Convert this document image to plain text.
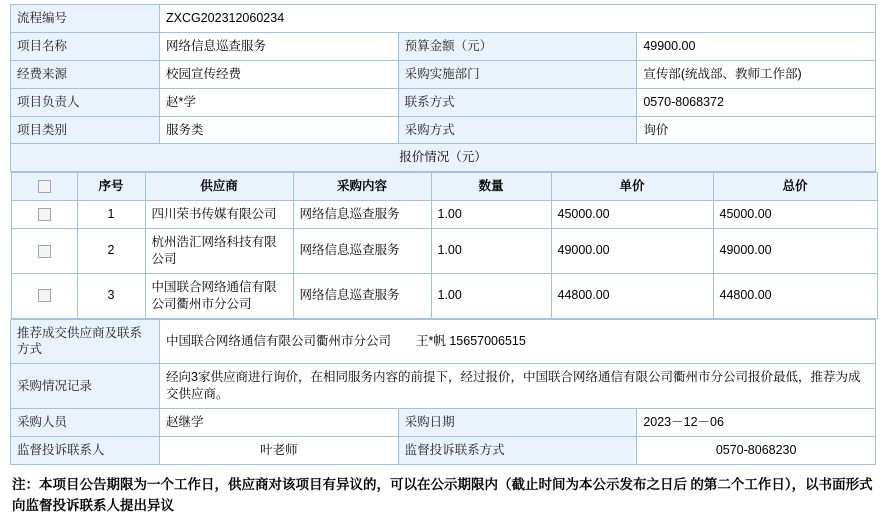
流程编号	ZXCG202312060234
项目名称	网络信息巡查服务	预算金额（元）	49900.00
经费来源	校园宣传经费	采购实施部门	宣传部(统战部、教师工作部)
项目负责人	赵*学	联系方式	0570-8068372
项目类别	服务类	采购方式	询价
报价情况（元）

	序号	供应商	采购内容	数量	单价	总价
	1	四川荣书传媒有限公司	网络信息巡查服务	1.00	45000.00	45000.00
	2	杭州浩汇网络科技有限公司	网络信息巡查服务	1.00	49000.00	49000.00
	3	中国联合网络通信有限公司衢州市分公司	网络信息巡查服务	1.00	44800.00	44800.00

推荐成交供应商及联系方式	中国联合网络通信有限公司衢州市分公司　　王*帆 15657006515
采购情况记录	经向3家供应商进行询价，在相同服务内容的前提下，经过报价，中国联合网络通信有限公司衢州市分公司报价最低，推荐为成交供应商。
采购人员	赵继学	采购日期	2023－12－06
监督投诉联系人	叶老师	监督投诉联系方式	0570-8068230
注：本项目公告期限为一个工作日，供应商对该项目有异议的，可以在公示期限内（截止时间为本公示发布之日后 的第二个工作日），以书面形式向监督投诉联系人提出异议
